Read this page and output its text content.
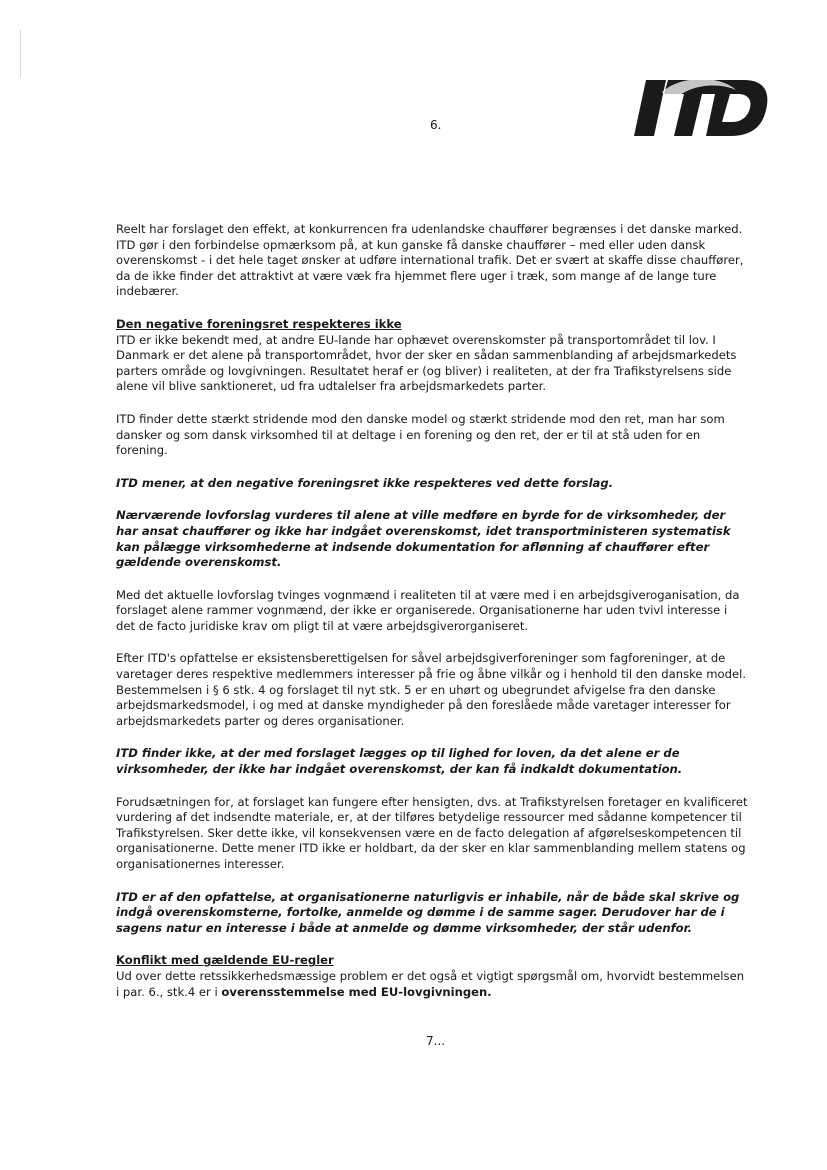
6.

Reelt har forslaget den effekt, at konkurrencen fra udenlandske chauffører begrænses i det danske marked. ITD gør i den forbindelse opmærksom på, at kun ganske få danske chauffører – med eller uden dansk overenskomst - i det hele taget ønsker at udføre international trafik. Det er svært at skaffe disse chauffører, da de ikke finder det attraktivt at være væk fra hjemmet flere uger i træk, som mange af de lange ture indebærer.

Den negative foreningsret respekteres ikke

ITD er ikke bekendt med, at andre EU-lande har ophævet overenskomster på transportområdet til lov. I Danmark er det alene på transportområdet, hvor der sker en sådan sammenblanding af arbejdsmarkedets parters område og lovgivningen. Resultatet heraf er (og bliver) i realiteten, at der fra Trafikstyrelsens side alene vil blive sanktioneret, ud fra udtalelser fra arbejdsmarkedets parter.

ITD finder dette stærkt stridende mod den danske model og stærkt stridende mod den ret, man har som dansker og som dansk virksomhed til at deltage i en forening og den ret, der er til at stå uden for en forening.

ITD mener, at den negative foreningsret ikke respekteres ved dette forslag.

Nærværende lovforslag vurderes til alene at ville medføre en byrde for de virksomheder, der har ansat chauffører og ikke har indgået overenskomst, idet transportministeren systematisk kan pålægge virksomhederne at indsende dokumentation for aflønning af chauffører efter gældende overenskomst.

Med det aktuelle lovforslag tvinges vognmænd i realiteten til at være med i en arbejdsgiveroganisation, da forslaget alene rammer vognmænd, der ikke er organiserede. Organisationerne har uden tvivl interesse i det de facto juridiske krav om pligt til at være arbejdsgiverorganiseret.

Efter ITD's opfattelse er eksistensberettigelsen for såvel arbejdsgiverforeninger som fagforeninger, at de varetager deres respektive medlemmers interesser på frie og åbne vilkår og i henhold til den danske model. Bestemmelsen i § 6 stk. 4 og forslaget til nyt stk. 5 er en uhørt og ubegrundet afvigelse fra den danske arbejdsmarkedsmodel, i og med at danske myndigheder på den foreslåede måde varetager interesser for arbejdsmarkedets parter og deres organisationer.

ITD finder ikke, at der med forslaget lægges op til lighed for loven, da det alene er de virksomheder, der ikke har indgået overenskomst, der kan få indkaldt dokumentation.

Forudsætningen for, at forslaget kan fungere efter hensigten, dvs. at Trafikstyrelsen foretager en kvalificeret vurdering af det indsendte materiale, er, at der tilføres betydelige ressourcer med sådanne kompetencer til Trafikstyrelsen. Sker dette ikke, vil konsekvensen være en de facto delegation af afgørelseskompetencen til organisationerne. Dette mener ITD ikke er holdbart, da der sker en klar sammenblanding mellem statens og organisationernes interesser.

ITD er af den opfattelse, at organisationerne naturligvis er inhabile, når de både skal skrive og indgå overenskomsterne, fortolke, anmelde og dømme i de samme sager. Derudover har de i sagens natur en interesse i både at anmelde og dømme virksomheder, der står udenfor.

Konflikt med gældende EU-regler

Ud over dette retssikkerhedsmæssige problem er det også et vigtigt spørgsmål om, hvorvidt bestemmelsen i par. 6., stk.4 er i overensstemmelse med EU-lovgivningen.

7...
